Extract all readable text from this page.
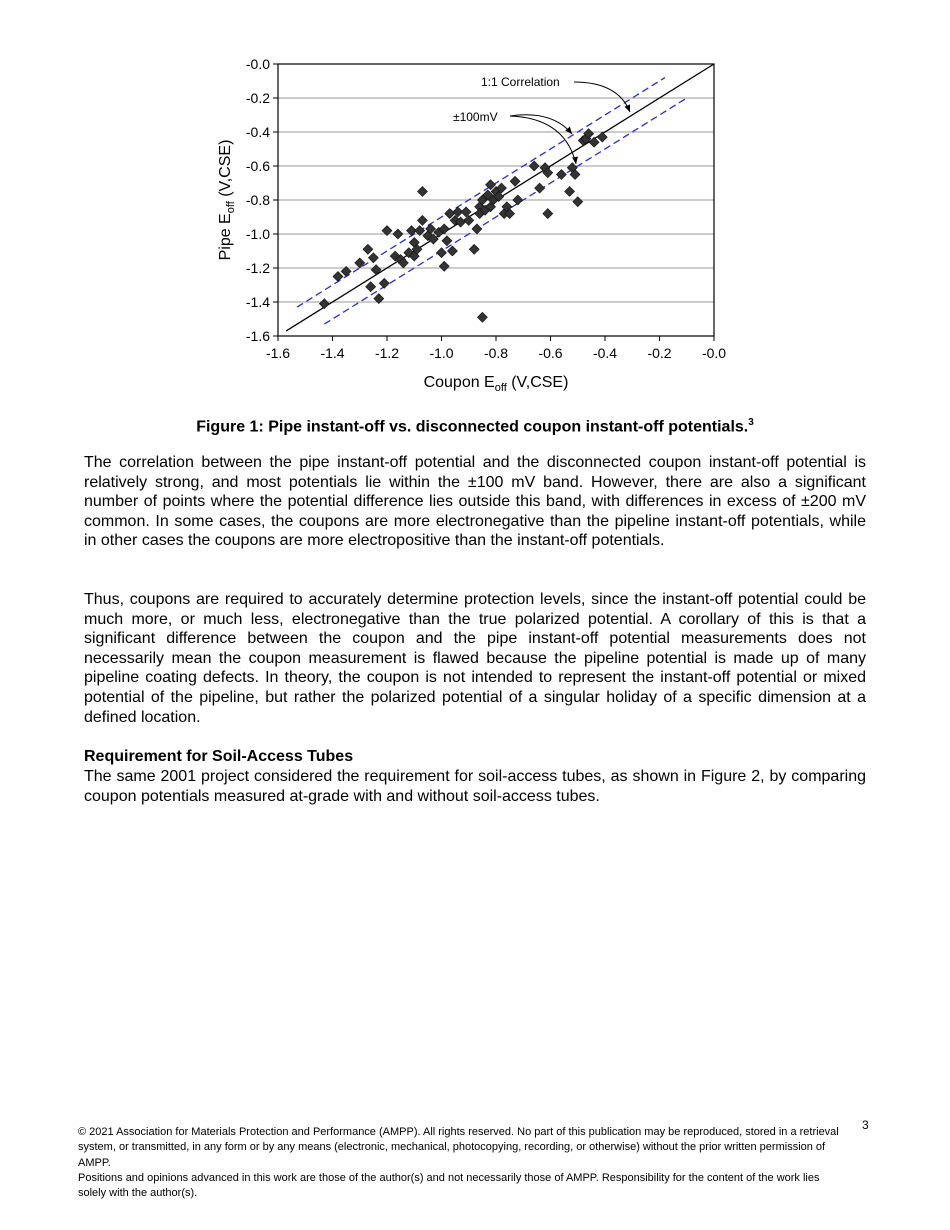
-0.0
-0.2
-0.4
-0.6
-0.8
-1.0
-1.2
-1.4
-1.6
-1.6 -1.4 -1.2 -1.0 -0.8 -0.6 -0.4 -0.2 -0.0
Coupon $E_{off}$ (V,CSE)
Pipe $E_{off}$ (V,CSE)
1:1 Correlation
±100mV

Figure 1: Pipe instant-off vs. disconnected coupon instant-off potentials.$^3$

The correlation between the pipe instant-off potential and the disconnected coupon instant-off potential is relatively strong, and most potentials lie within the ±100 mV band. However, there are also a significant number of points where the potential difference lies outside this band, with differences in excess of ±200 mV common. In some cases, the coupons are more electronegative than the pipeline instant-off potentials, while in other cases the coupons are more electropositive than the instant-off potentials.

Thus, coupons are required to accurately determine protection levels, since the instant-off potential could be much more, or much less, electronegative than the true polarized potential. A corollary of this is that a significant difference between the coupon and the pipe instant-off potential measurements does not necessarily mean the coupon measurement is flawed because the pipeline potential is made up of many pipeline coating defects. In theory, the coupon is not intended to represent the instant-off potential or mixed potential of the pipeline, but rather the polarized potential of a singular holiday of a specific dimension at a defined location.

Requirement for Soil-Access Tubes

The same 2001 project considered the requirement for soil-access tubes, as shown in Figure 2, by comparing coupon potentials measured at-grade with and without soil-access tubes.

3
© 2021 Association for Materials Protection and Performance (AMPP). All rights reserved. No part of this publication may be reproduced, stored in a retrieval system, or transmitted, in any form or by any means (electronic, mechanical, photocopying, recording, or otherwise) without the prior written permission of AMPP.
Positions and opinions advanced in this work are those of the author(s) and not necessarily those of AMPP. Responsibility for the content of the work lies solely with the author(s).
